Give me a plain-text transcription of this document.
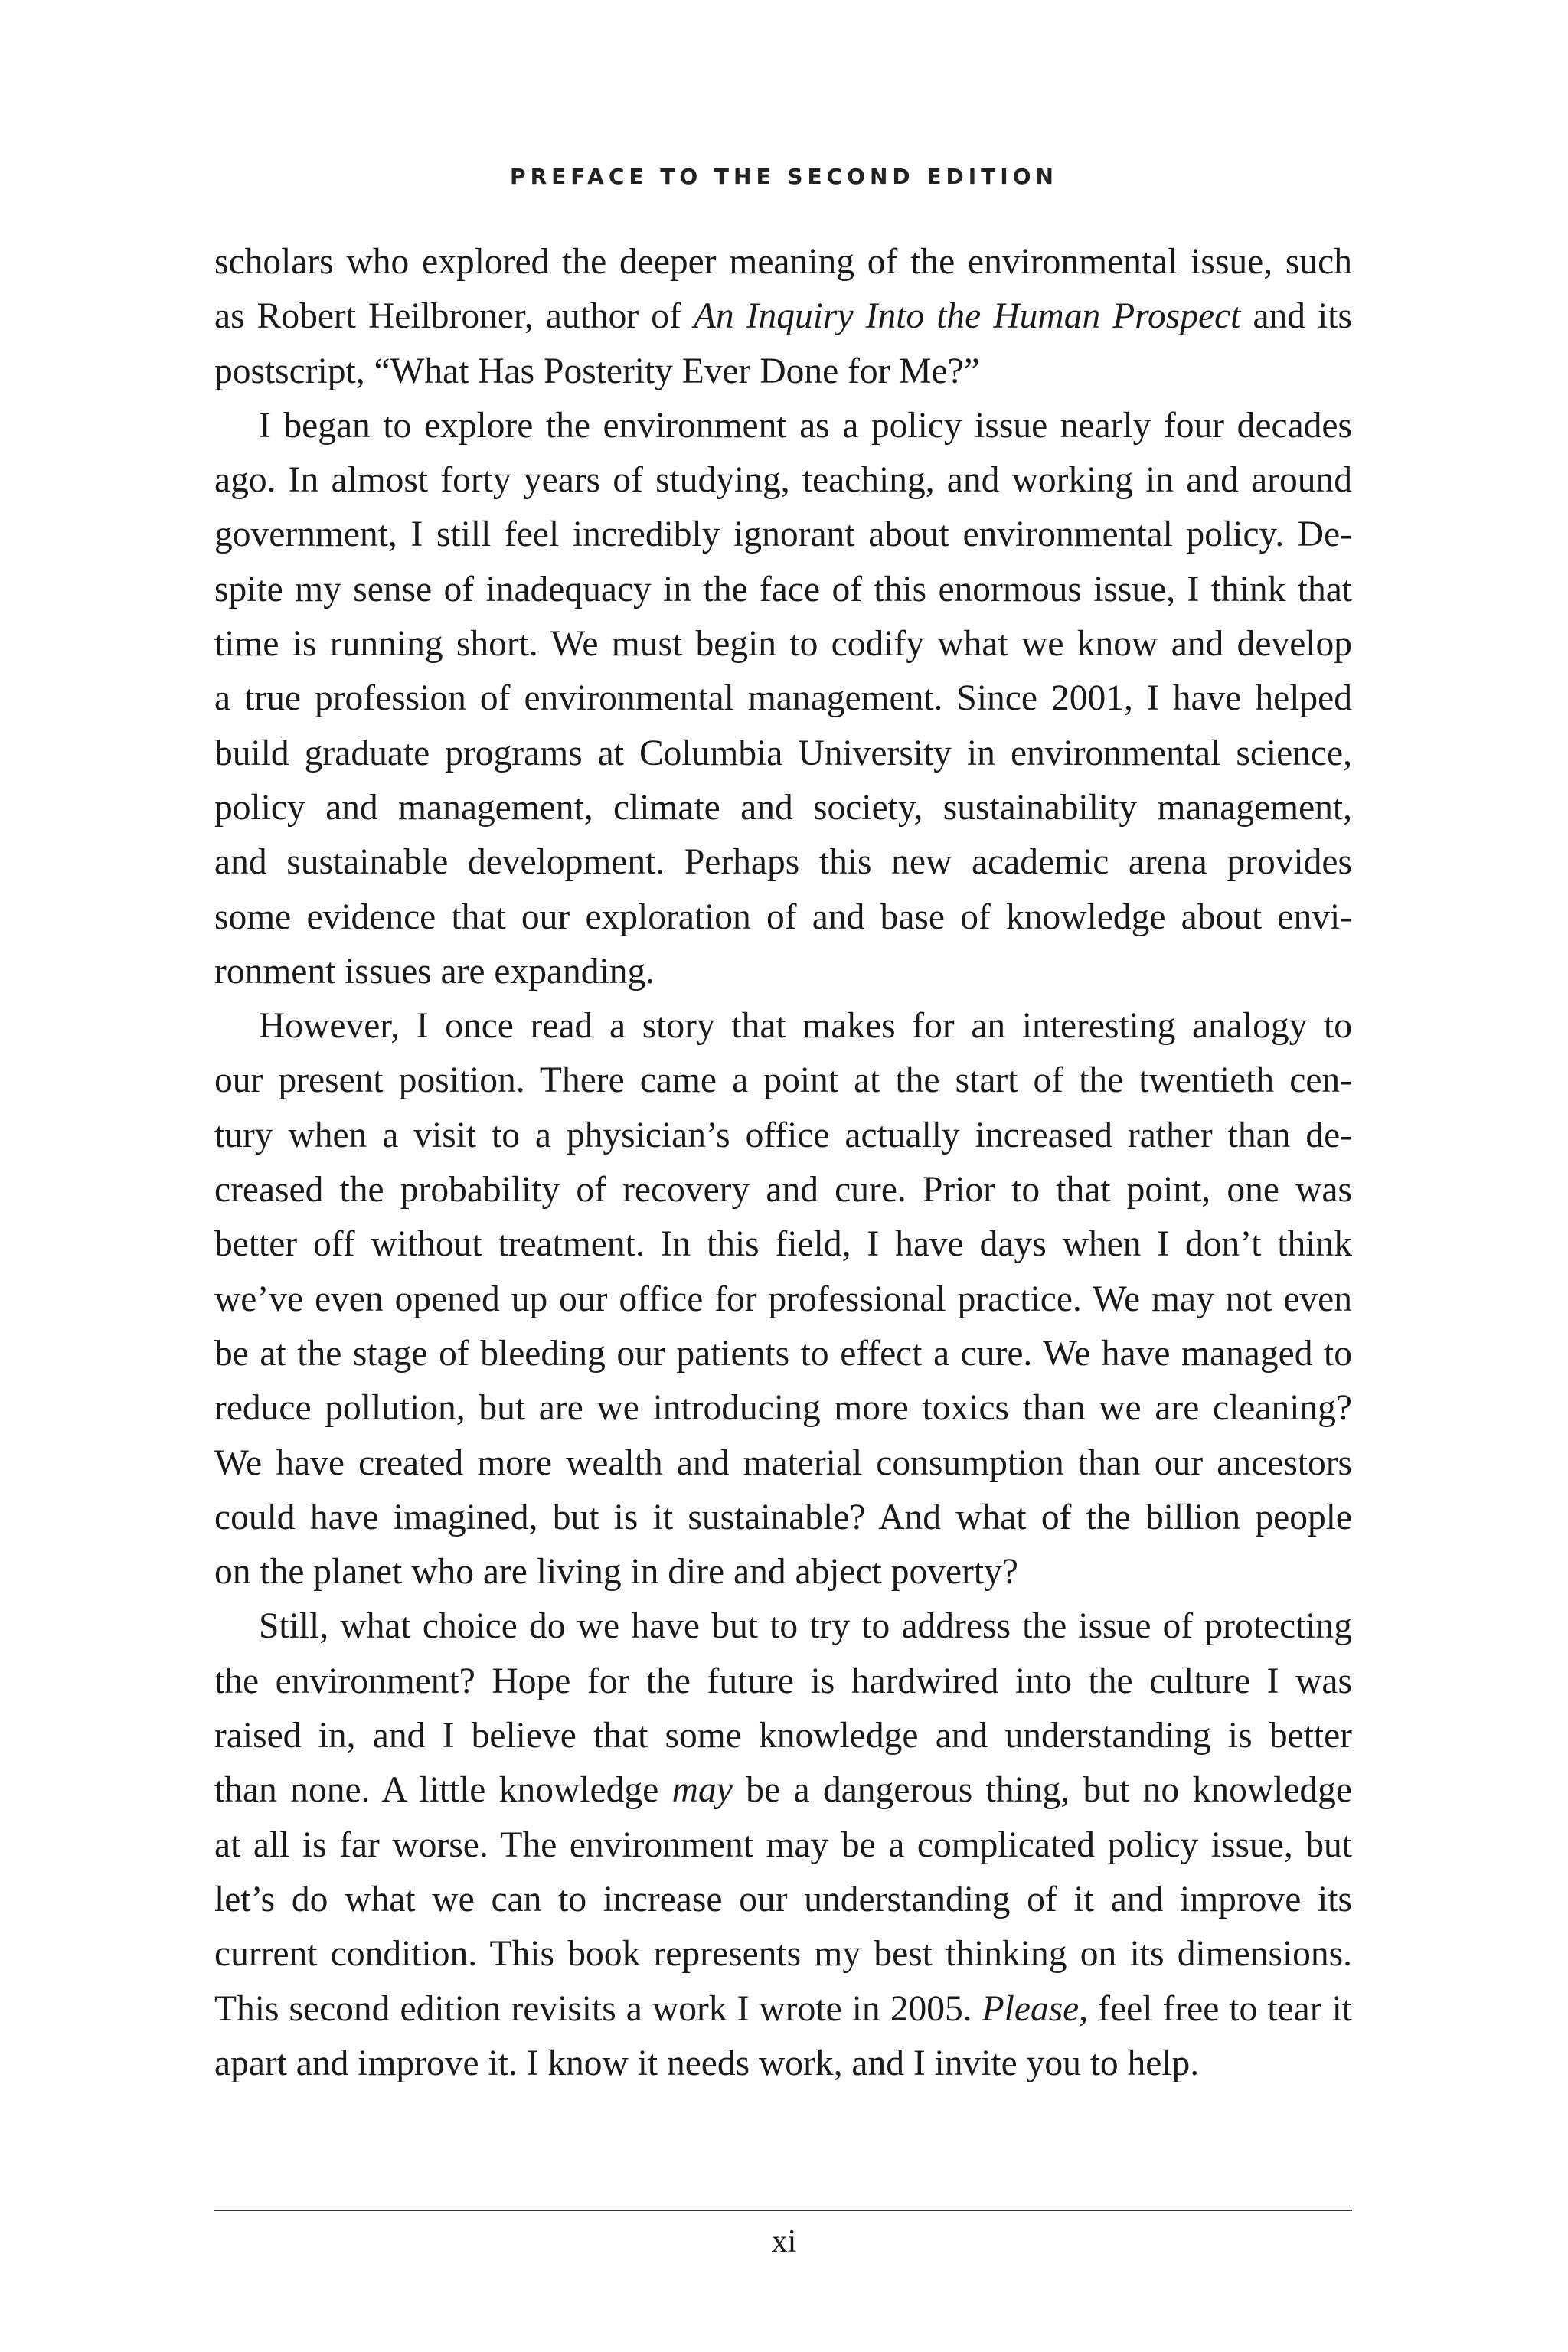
PREFACE TO THE SECOND EDITION
scholars who explored the deeper meaning of the environmental issue, such
as Robert Heilbroner, author of An Inquiry Into the Human Prospect and its
postscript, “What Has Posterity Ever Done for Me?”
I began to explore the environment as a policy issue nearly four decades
ago. In almost forty years of studying, teaching, and working in and around
government, I still feel incredibly ignorant about environmental policy. De-
spite my sense of inadequacy in the face of this enormous issue, I think that
time is running short. We must begin to codify what we know and develop
a true profession of environmental management. Since 2001, I have helped
build graduate programs at Columbia University in environmental science,
policy and management, climate and society, sustainability management,
and sustainable development. Perhaps this new academic arena provides
some evidence that our exploration of and base of knowledge about envi-
ronment issues are expanding.
However, I once read a story that makes for an interesting analogy to
our present position. There came a point at the start of the twentieth cen-
tury when a visit to a physician’s office actually increased rather than de-
creased the probability of recovery and cure. Prior to that point, one was
better off without treatment. In this field, I have days when I don’t think
we’ve even opened up our office for professional practice. We may not even
be at the stage of bleeding our patients to effect a cure. We have managed to
reduce pollution, but are we introducing more toxics than we are cleaning?
We have created more wealth and material consumption than our ancestors
could have imagined, but is it sustainable? And what of the billion people
on the planet who are living in dire and abject poverty?
Still, what choice do we have but to try to address the issue of protecting
the environment? Hope for the future is hardwired into the culture I was
raised in, and I believe that some knowledge and understanding is better
than none. A little knowledge may be a dangerous thing, but no knowledge
at all is far worse. The environment may be a complicated policy issue, but
let’s do what we can to increase our understanding of it and improve its
current condition. This book represents my best thinking on its dimensions.
This second edition revisits a work I wrote in 2005. Please, feel free to tear it
apart and improve it. I know it needs work, and I invite you to help.
xi
